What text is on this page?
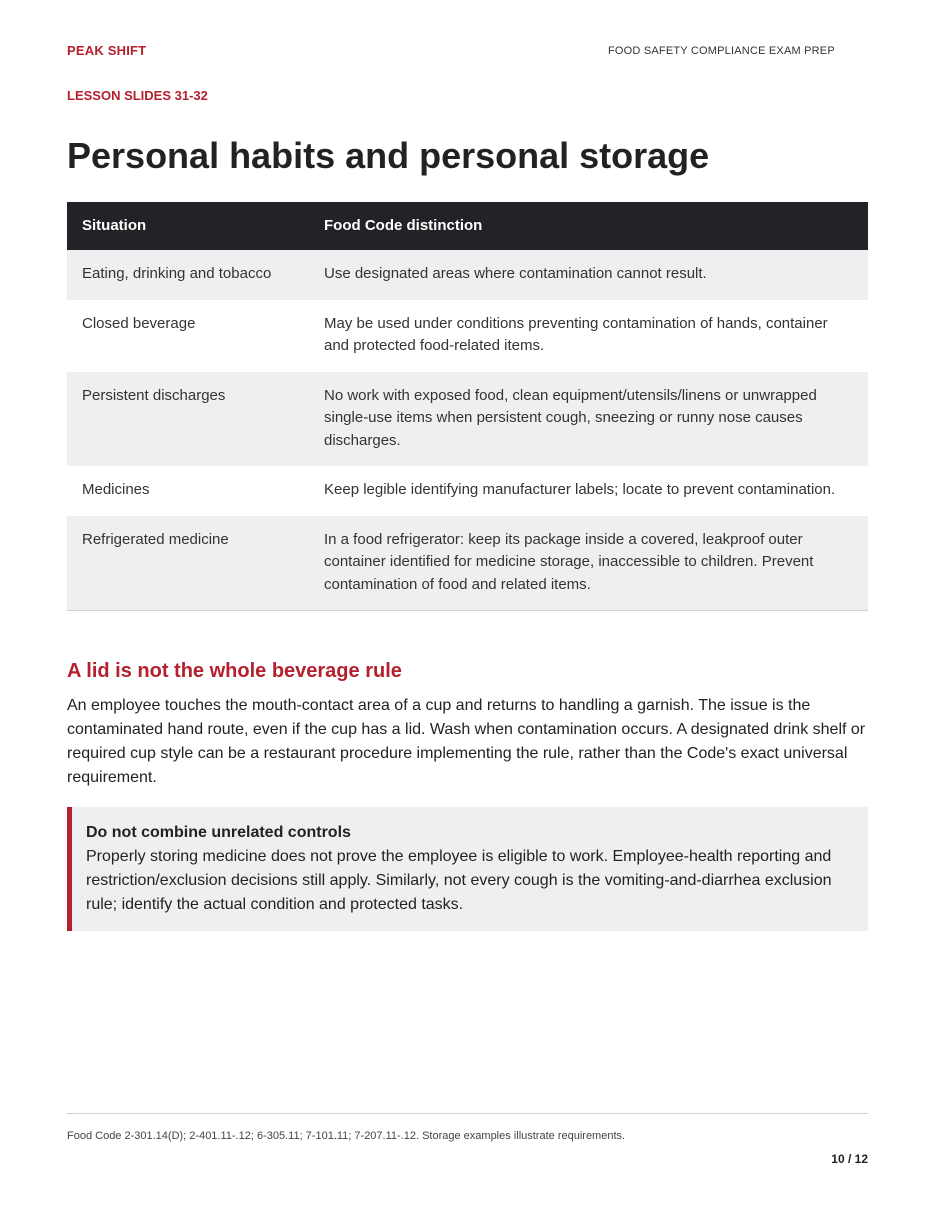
PEAK SHIFT	FOOD SAFETY COMPLIANCE EXAM PREP
LESSON SLIDES 31-32
Personal habits and personal storage
Situation	Food Code distinction
Eating, drinking and tobacco	Use designated areas where contamination cannot result.
Closed beverage	May be used under conditions preventing contamination of hands, container and protected food-related items.
Persistent discharges	No work with exposed food, clean equipment/utensils/linens or unwrapped single-use items when persistent cough, sneezing or runny nose causes discharges.
Medicines	Keep legible identifying manufacturer labels; locate to prevent contamination.
Refrigerated medicine	In a food refrigerator: keep its package inside a covered, leakproof outer container identified for medicine storage, inaccessible to children. Prevent contamination of food and related items.
A lid is not the whole beverage rule

An employee touches the mouth-contact area of a cup and returns to handling a garnish. The issue is the contaminated hand route, even if the cup has a lid. Wash when contamination occurs. A designated drink shelf or required cup style can be a restaurant procedure implementing the rule, rather than the Code's exact universal requirement.

Do not combine unrelated controls
Properly storing medicine does not prove the employee is eligible to work. Employee-health reporting and restriction/exclusion decisions still apply. Similarly, not every cough is the vomiting-and-diarrhea exclusion rule; identify the actual condition and protected tasks.
Food Code 2-301.14(D); 2-401.11-.12; 6-305.11; 7-101.11; 7-207.11-.12. Storage examples illustrate requirements.
10 / 12
